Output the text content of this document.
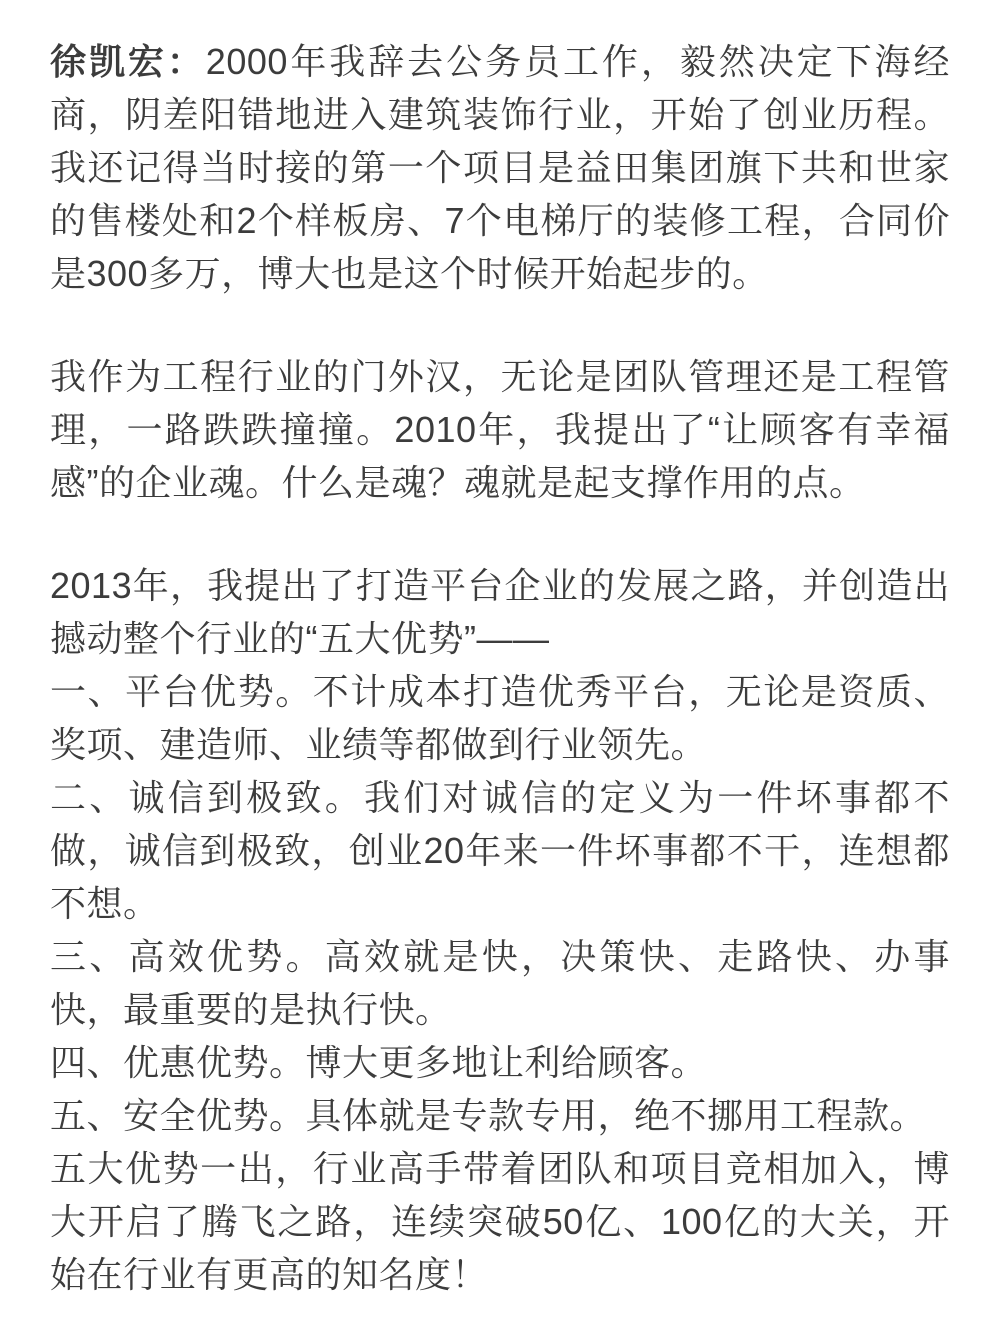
徐凯宏：2000年我辞去公务员工作，毅然决定下海经商，阴差阳错地进入建筑装饰行业，开始了创业历程。我还记得当时接的第一个项目是益田集团旗下共和世家的售楼处和2个样板房、7个电梯厅的装修工程，合同价是300多万，博大也是这个时候开始起步的。

我作为工程行业的门外汉，无论是团队管理还是工程管理，一路跌跌撞撞。2010年，我提出了“让顾客有幸福感”的企业魂。什么是魂？魂就是起支撑作用的点。

2013年，我提出了打造平台企业的发展之路，并创造出撼动整个行业的“五大优势”——
一、平台优势。不计成本打造优秀平台，无论是资质、奖项、建造师、业绩等都做到行业领先。
二、诚信到极致。我们对诚信的定义为一件坏事都不做，诚信到极致，创业20年来一件坏事都不干，连想都不想。
三、高效优势。高效就是快，决策快、走路快、办事快，最重要的是执行快。
四、优惠优势。博大更多地让利给顾客。
五、安全优势。具体就是专款专用，绝不挪用工程款。
五大优势一出，行业高手带着团队和项目竞相加入，博大开启了腾飞之路，连续突破50亿、100亿的大关，开始在行业有更高的知名度！
